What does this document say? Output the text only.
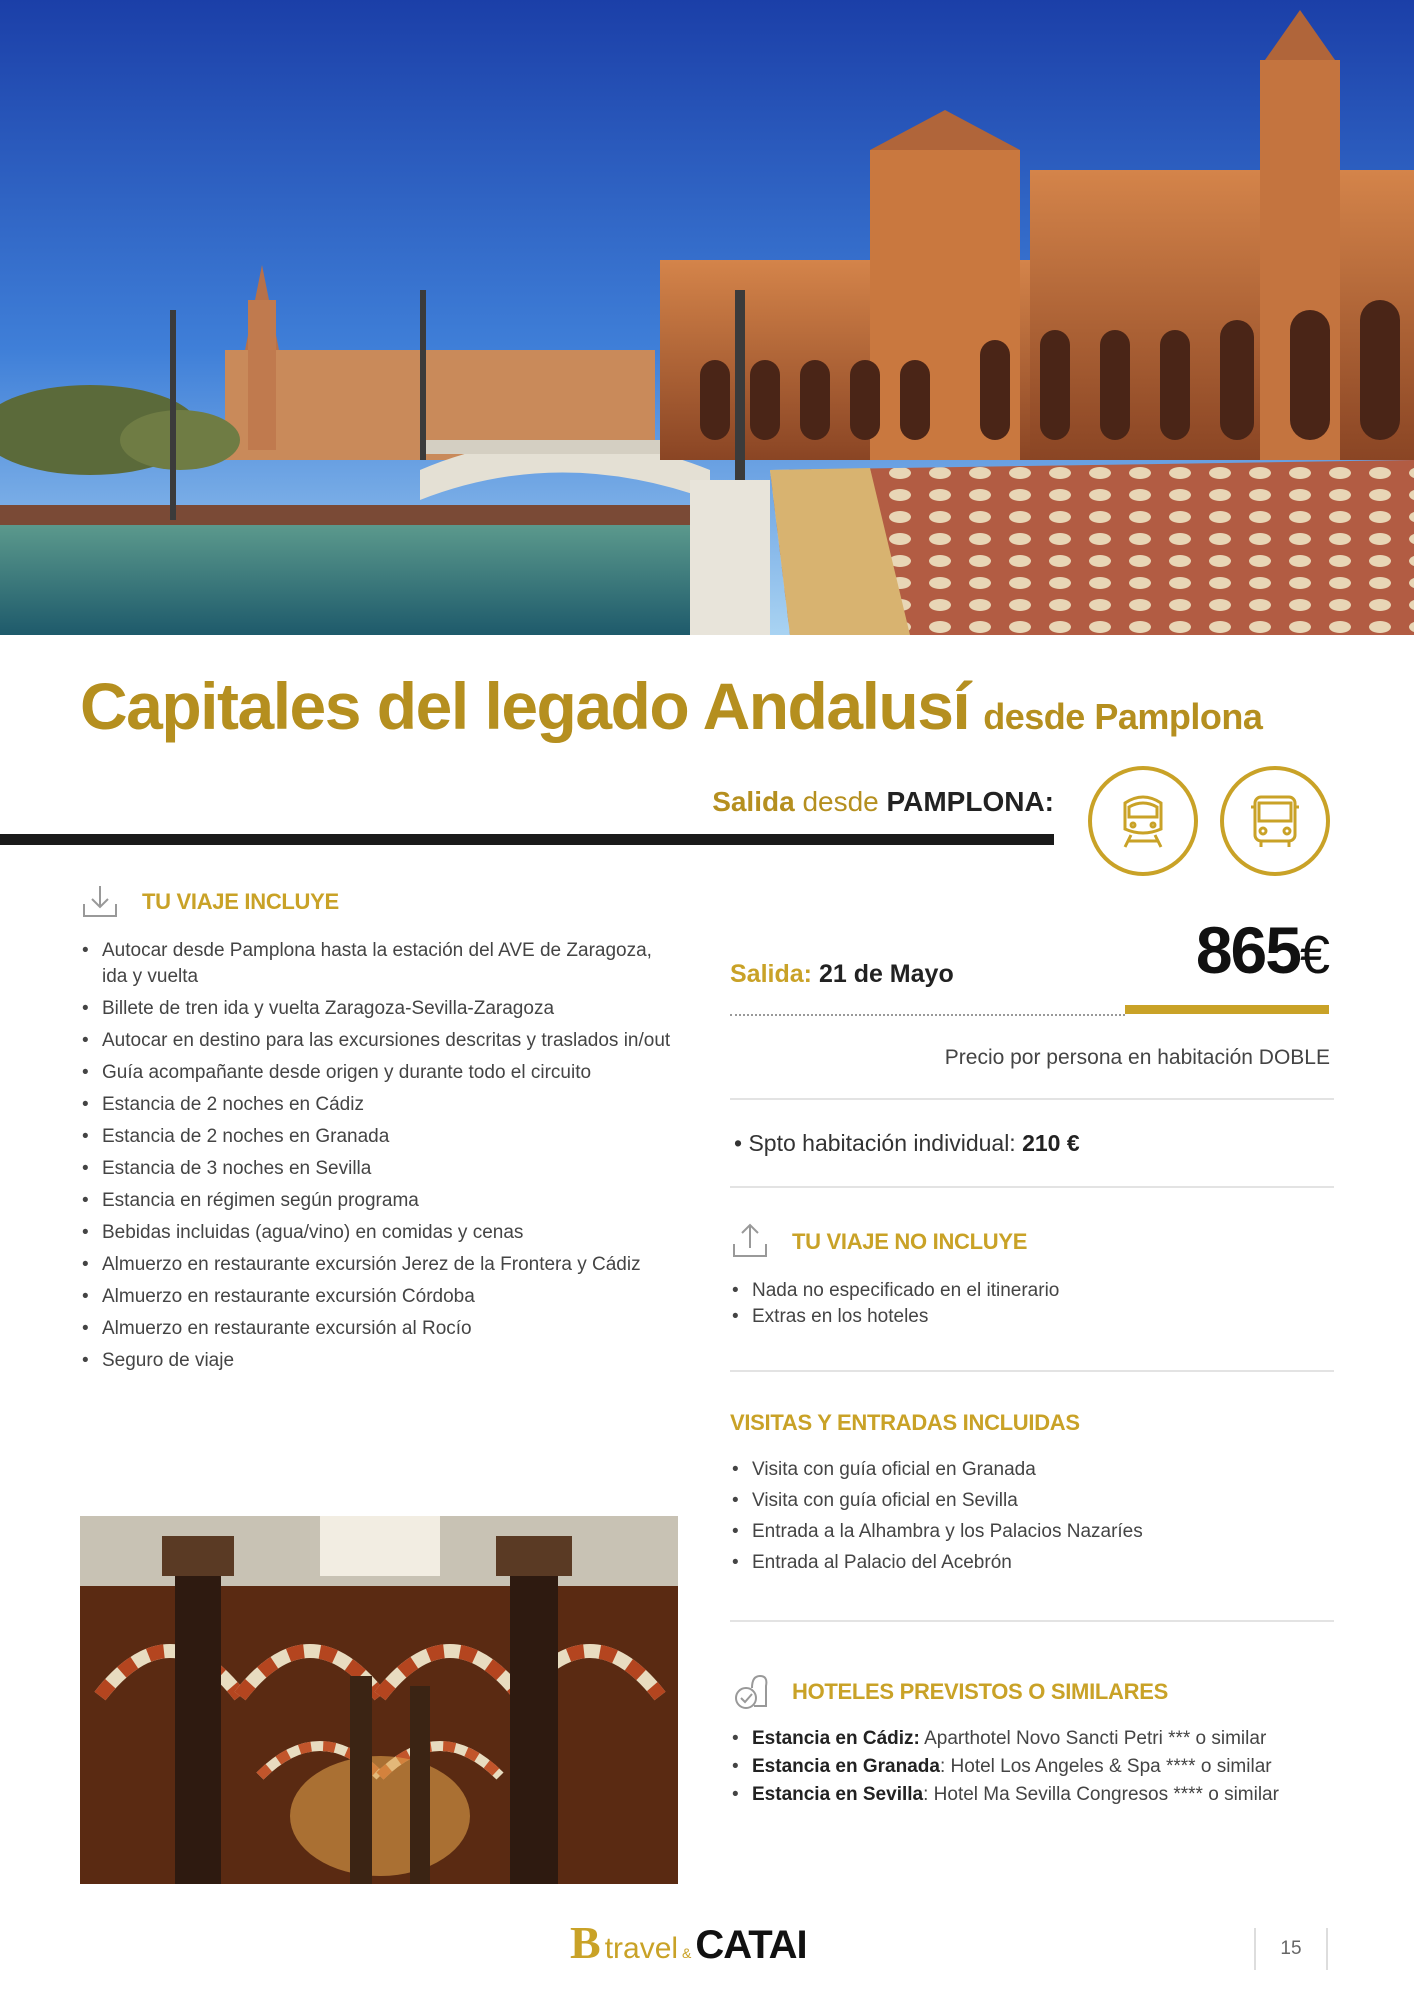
Capitales del legado Andalusí desde Pamplona
Salida desde PAMPLONA:
TU VIAJE INCLUYE
• Autocar desde Pamplona hasta la estación del AVE de Zaragoza, ida y vuelta
• Billete de tren ida y vuelta Zaragoza-Sevilla-Zaragoza
• Autocar en destino para las excursiones descritas y traslados in/out
• Guía acompañante desde origen y durante todo el circuito
• Estancia de 2 noches en Cádiz
• Estancia de 2 noches en Granada
• Estancia de 3 noches en Sevilla
• Estancia en régimen según programa
• Bebidas incluidas (agua/vino) en comidas y cenas
• Almuerzo en restaurante excursión Jerez de la Frontera y Cádiz
• Almuerzo en restaurante excursión Córdoba
• Almuerzo en restaurante excursión al Rocío
• Seguro de viaje
Salida: 21 de Mayo	865€
Precio por persona en habitación DOBLE
• Spto habitación individual: 210 €
TU VIAJE NO INCLUYE
• Nada no especificado en el itinerario
• Extras en los hoteles
VISITAS Y ENTRADAS INCLUIDAS
• Visita con guía oficial en Granada
• Visita con guía oficial en Sevilla
• Entrada a la Alhambra y los Palacios Nazaríes
• Entrada al Palacio del Acebrón
HOTELES PREVISTOS O SIMILARES
• Estancia en Cádiz: Aparthotel Novo Sancti Petri *** o similar
• Estancia en Granada: Hotel Los Angeles & Spa **** o similar
• Estancia en Sevilla: Hotel Ma Sevilla Congresos **** o similar
B travel & CATAI	15
